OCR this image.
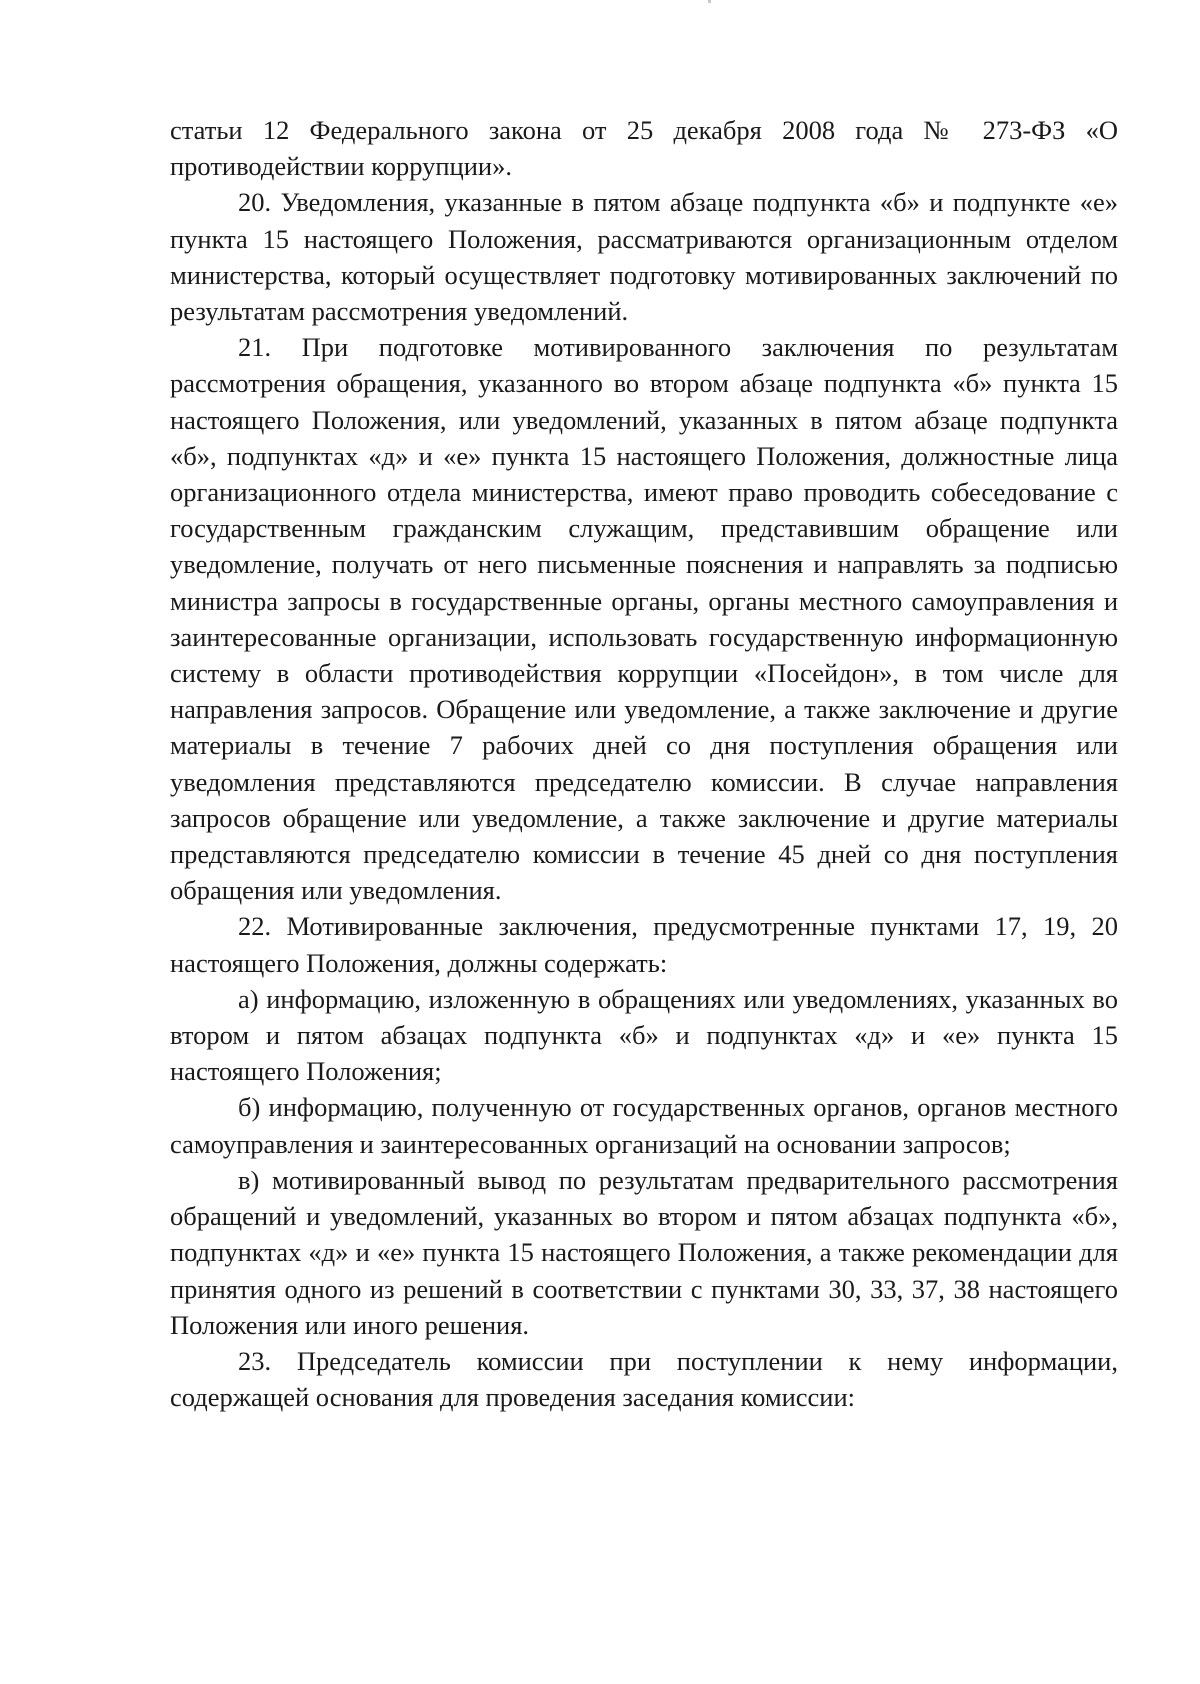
статьи 12 Федерального закона от 25 декабря 2008 года № 273-ФЗ «О противодействии коррупции».

20. Уведомления, указанные в пятом абзаце подпункта «б» и подпункте «е» пункта 15 настоящего Положения, рассматриваются организационным отделом министерства, который осуществляет подготовку мотивированных заключений по результатам рассмотрения уведомлений.

21. При подготовке мотивированного заключения по результатам рассмотрения обращения, указанного во втором абзаце подпункта «б» пункта 15 настоящего Положения, или уведомлений, указанных в пятом абзаце подпункта «б», подпунктах «д» и «е» пункта 15 настоящего Положения, должностные лица организационного отдела министерства, имеют право проводить собеседование с государственным гражданским служащим, представившим обращение или уведомление, получать от него письменные пояснения и направлять за подписью министра запросы в государственные органы, органы местного самоуправления и заинтересованные организации, использовать государственную информационную систему в области противодействия коррупции «Посейдон», в том числе для направления запросов. Обращение или уведомление, а также заключение и другие материалы в течение 7 рабочих дней со дня поступления обращения или уведомления представляются председателю комиссии. В случае направления запросов обращение или уведомление, а также заключение и другие материалы представляются председателю комиссии в течение 45 дней со дня поступления обращения или уведомления.

22. Мотивированные заключения, предусмотренные пунктами 17, 19, 20 настоящего Положения, должны содержать:

а) информацию, изложенную в обращениях или уведомлениях, указанных во втором и пятом абзацах подпункта «б» и подпунктах «д» и «е» пункта 15 настоящего Положения;

б) информацию, полученную от государственных органов, органов местного самоуправления и заинтересованных организаций на основании запросов;

в) мотивированный вывод по результатам предварительного рассмотрения обращений и уведомлений, указанных во втором и пятом абзацах подпункта «б», подпунктах «д» и «е» пункта 15 настоящего Положения, а также рекомендации для принятия одного из решений в соответствии с пунктами 30, 33, 37, 38 настоящего Положения или иного решения.

23. Председатель комиссии при поступлении к нему информации, содержащей основания для проведения заседания комиссии:
